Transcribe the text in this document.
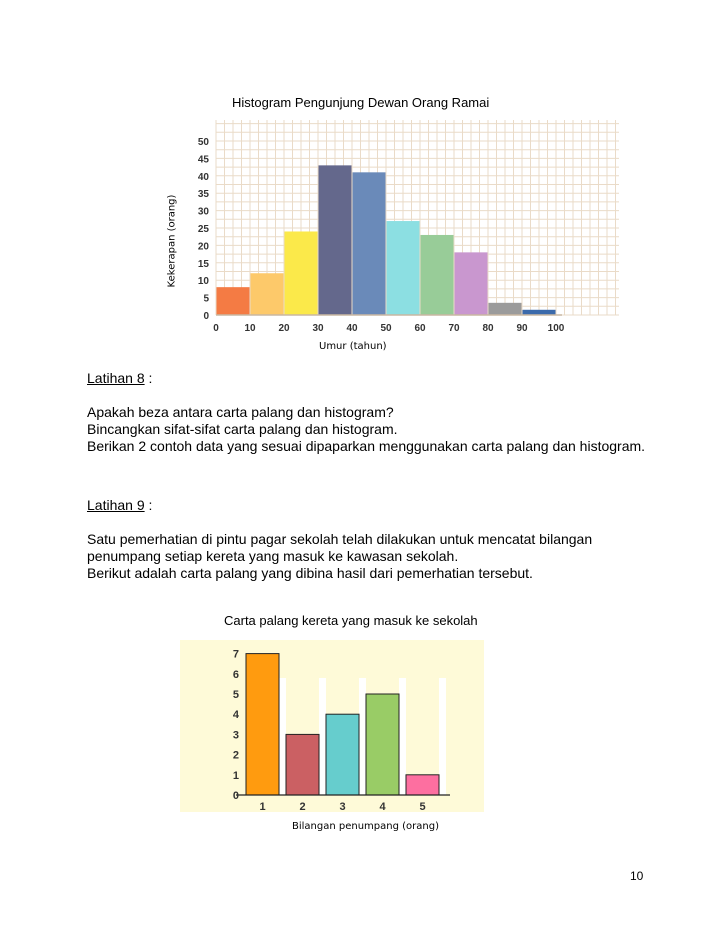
Histogram Pengunjung Dewan Orang Ramai
Kekerapan (orang)
0
5
10
15
20
25
30
35
40
45
50
0	10 20 30 40 50 60 70 80 90 100
Umur (tahun)
Latihan 8 :

Apakah beza antara carta palang dan histogram?

Bincangkan sifat-sifat carta palang dan histogram.

Berikan 2 contoh data yang sesuai dipaparkan menggunakan carta palang dan histogram.

Latihan 9 :

Satu pemerhatian di pintu pagar sekolah telah dilakukan untuk mencatat bilangan penumpang setiap kereta yang masuk ke kawasan sekolah.

Berikut adalah carta palang yang dibina hasil dari pemerhatian tersebut.

Carta palang kereta yang masuk ke sekolah
0
1
2
3
4
5
6
7
1	2	3	4	5
Bilangan penumpang (orang)
10
